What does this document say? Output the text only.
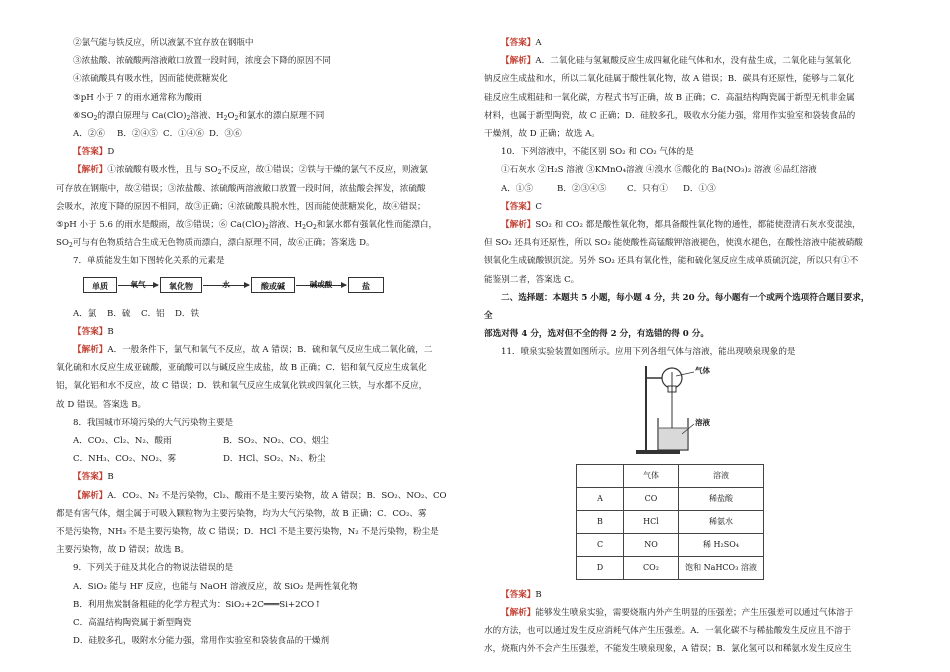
②氯气能与铁反应，所以液氯不宜存放在钢瓶中

③浓盐酸、浓硫酸两溶液敞口放置一段时间，浓度会下降的原因不同

④浓硫酸具有吸水性，因而能使蔗糖炭化

⑤pH 小于 7 的雨水通常称为酸雨

$⑥SO_2$的漂白原理与 $Ca(ClO)_2$溶液、$H_2O_2$和氯水的漂白原理不同

A．②⑥	B．②④⑤ C．①④⑥ D．③⑥

【答案】D

【解析】①浓硫酸有吸水性，且与 $SO_2$不反应，故①错误；②铁与干燥的氯气不反应，则液氯

可存放在钢瓶中，故②错误；③浓盐酸、浓硫酸两溶液敞口放置一段时间，浓盐酸会挥发，浓硫酸

会吸水，浓度下降的原因不相同，故③正确；④浓硫酸具脱水性，因而能使蔗糖炭化，故④错误；

⑤pH 小于 5.6 的雨水是酸雨，故⑤错误；⑥ $Ca(ClO)_2$溶液、$H_2O_2$和氯水都有强氧化性而能漂白，

$SO_2$可与有色物质结合生成无色物质而漂白，漂白原理不同，故⑥正确；答案选 D。

7．单质能发生如下图转化关系的元素是

单质	氧气	氧化物	水	酸或碱	碱或酸	盐
A．氯	B．硫	C．铝	D．铁

【答案】B

【解析】A．一般条件下，氯气和氧气不反应，故 A 错误；B．硫和氧气反应生成二氧化硫，二

氧化硫和水反应生成亚硫酸，亚硫酸可以与碱反应生成盐，故 B 正确；C．铝和氧气反应生成氧化

铝，氧化铝和水不反应，故 C 错误；D．铁和氧气反应生成氧化铁或四氧化三铁，与水都不反应，

故 D 错误。答案选 B。

8．我国城市环境污染的大气污染物主要是

A．CO₂、Cl₂、N₂、酸雨	B．SO₂、NO₂、CO、烟尘
C．NH₃、CO₂、NO₂、雾	D．HCl、SO₂、N₂、粉尘

【答案】B

【解析】A．CO₂、N₂ 不是污染物，Cl₂、酸雨不是主要污染物，故 A 错误；B．SO₂、NO₂、CO

都是有害气体，烟尘属于可吸入颗粒物为主要污染物，均为大气污染物，故 B 正确；C．CO₂、雾

不是污染物，NH₃ 不是主要污染物，故 C 错误；D．HCl 不是主要污染物，N₂ 不是污染物，粉尘是

主要污染物，故 D 错误；故选 B。

9．下列关于硅及其化合的物说法错误的是

A．SiO₂ 能与 HF 反应，也能与 NaOH 溶液反应，故 SiO₂ 是两性氧化物

B．利用焦炭制备粗硅的化学方程式为：SiO₂+2C═══Si+2CO↑

C．高温结构陶瓷属于新型陶瓷

D．硅胶多孔，吸附水分能力强，常用作实验室和袋装食品的干燥剂

【答案】A

【解析】A．二氧化硅与氢氟酸反应生成四氟化硅气体和水，没有盐生成，二氧化硅与氢氧化

钠反应生成盐和水，所以二氧化硅属于酸性氧化物，故 A 错误；B．碳具有还原性，能够与二氧化

硅反应生成粗硅和一氧化碳，方程式书写正确，故 B 正确；C．高温结构陶瓷属于新型无机非金属

材料，也属于新型陶瓷，故 C 正确；D．硅胶多孔，吸收水分能力强，常用作实验室和袋装食品的

干燥剂，故 D 正确；故选 A。

10．下列溶液中，不能区别 SO₂ 和 CO₂ 气体的是

①石灰水 ②H₂S 溶液 ③KMnO₄溶液 ④溴水 ⑤酸化的 Ba(NO₃)₂ 溶液 ⑥品红溶液

A．①⑤	B．②③④⑤	C．只有①	D．①③

【答案】C

【解析】SO₂ 和 CO₂ 都是酸性氧化物，都具备酸性氧化物的通性，都能使澄清石灰水变混浊，

但 SO₂ 还具有还原性，所以 SO₂ 能使酸性高锰酸钾溶液褪色，使溴水褪色，在酸性溶液中能被硝酸

钡氧化生成硫酸钡沉淀。另外 SO₂ 还具有氧化性，能和硫化氢反应生成单质硫沉淀，所以只有①不

能鉴别二者，答案选 C。

二、选择题：本题共 5 小题，每小题 4 分，共 20 分。每小题有一个或两个选项符合题目要求，全

部选对得 4 分，选对但不全的得 2 分，有选错的得 0 分。

11．喷泉实验装置如图所示。应用下列各组气体与溶液，能出现喷泉现象的是

气体
溶液
	气体	溶液
A	CO	稀盐酸
B	HCl	稀氨水
C	NO	稀 H₂SO₄
D	CO₂	饱和 NaHCO₃ 溶液

【答案】B

【解析】能够发生喷泉实验，需要烧瓶内外产生明显的压强差；产生压强差可以通过气体溶于

水的方法，也可以通过发生反应消耗气体产生压强差。A．一氧化碳不与稀盐酸发生反应且不溶于

水，烧瓶内外不会产生压强差，不能发生喷泉现象，A 错误；B．氯化氢可以和稀氨水发生反应生
